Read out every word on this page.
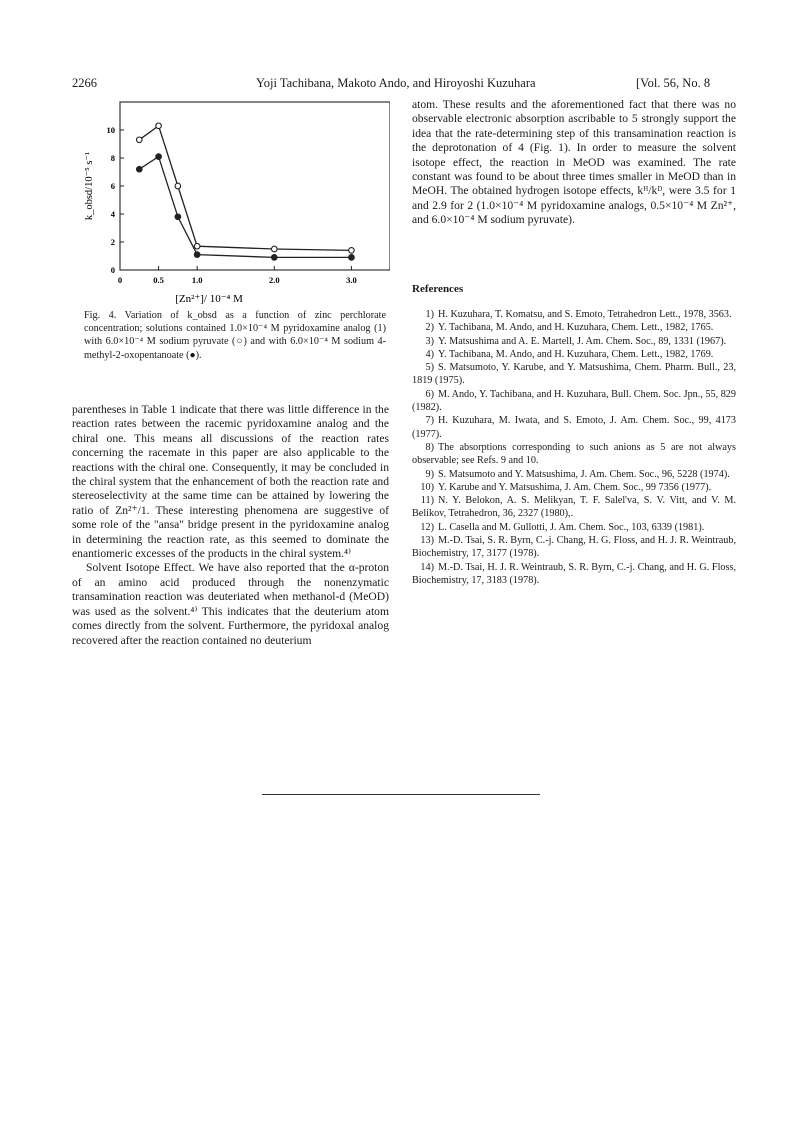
2266	Yoji Tachibana, Makoto Ando, and Hiroyoshi Kuzuhara	[Vol. 56, No. 8
0	0.5	1.0	2.0	3.0
0
2
4
6
8
10
[Zn²⁺]/ 10⁻⁴ M
k_obsd/10⁻⁵ s⁻¹
Fig. 4. Variation of k_obsd as a function of zinc perchlorate concentration; solutions contained 1.0×10⁻⁴ M pyridoxamine analog (1) with 6.0×10⁻⁴ M sodium pyruvate (○) and with 6.0×10⁻⁴ M sodium 4-methyl-2-oxopentanoate (●).

parentheses in Table 1 indicate that there was little difference in the reaction rates between the racemic pyridoxamine analog and the chiral one. This means all discussions of the reaction rates concerning the racemate in this paper are also applicable to the reactions with the chiral one. Consequently, it may be concluded in the chiral system that the enhancement of both the reaction rate and stereoselectivity at the same time can be attained by lowering the ratio of Zn²⁺/1. These interesting phenomena are suggestive of some role of the "ansa" bridge present in the pyridoxamine analog in determining the reaction rate, as this seemed to dominate the enantiomeric excesses of the products in the chiral system.⁴⁾

Solvent Isotope Effect. We have also reported that the α-proton of an amino acid produced through the nonenzymatic transamination reaction was deuteriated when methanol-d (MeOD) was used as the solvent.⁴⁾ This indicates that the deuterium atom comes directly from the solvent. Furthermore, the pyridoxal analog recovered after the reaction contained no deuterium

atom. These results and the aforementioned fact that there was no observable electronic absorption ascribable to 5 strongly support the idea that the rate-determining step of this transamination reaction is the deprotonation of 4 (Fig. 1). In order to measure the solvent isotope effect, the reaction in MeOD was examined. The rate constant was found to be about three times smaller in MeOD than in MeOH. The obtained hydrogen isotope effects, kᴴ/kᴰ, were 3.5 for 1 and 2.9 for 2 (1.0×10⁻⁴ M pyridoxamine analogs, 0.5×10⁻⁴ M Zn²⁺, and 6.0×10⁻⁴ M sodium pyruvate).

References

1) H. Kuzuhara, T. Komatsu, and S. Emoto, Tetrahedron Lett., 1978, 3563.

2) Y. Tachibana, M. Ando, and H. Kuzuhara, Chem. Lett., 1982, 1765.

3) Y. Matsushima and A. E. Martell, J. Am. Chem. Soc., 89, 1331 (1967).

4) Y. Tachibana, M. Ando, and H. Kuzuhara, Chem. Lett., 1982, 1769.

5) S. Matsumoto, Y. Karube, and Y. Matsushima, Chem. Pharm. Bull., 23, 1819 (1975).

6) M. Ando, Y. Tachibana, and H. Kuzuhara, Bull. Chem. Soc. Jpn., 55, 829 (1982).

7) H. Kuzuhara, M. Iwata, and S. Emoto, J. Am. Chem. Soc., 99, 4173 (1977).

8) The absorptions corresponding to such anions as 5 are not always observable; see Refs. 9 and 10.

9) S. Matsumoto and Y. Matsushima, J. Am. Chem. Soc., 96, 5228 (1974).

10) Y. Karube and Y. Matsushima, J. Am. Chem. Soc., 99 7356 (1977).

11) N. Y. Belokon, A. S. Melikyan, T. F. Salel'va, S. V. Vitt, and V. M. Belikov, Tetrahedron, 36, 2327 (1980),.

12) L. Casella and M. Gullotti, J. Am. Chem. Soc., 103, 6339 (1981).

13) M.-D. Tsai, S. R. Byrn, C.-j. Chang, H. G. Floss, and H. J. R. Weintraub, Biochemistry, 17, 3177 (1978).

14) M.-D. Tsai, H. J. R. Weintraub, S. R. Byrn, C.-j. Chang, and H. G. Floss, Biochemistry, 17, 3183 (1978).
